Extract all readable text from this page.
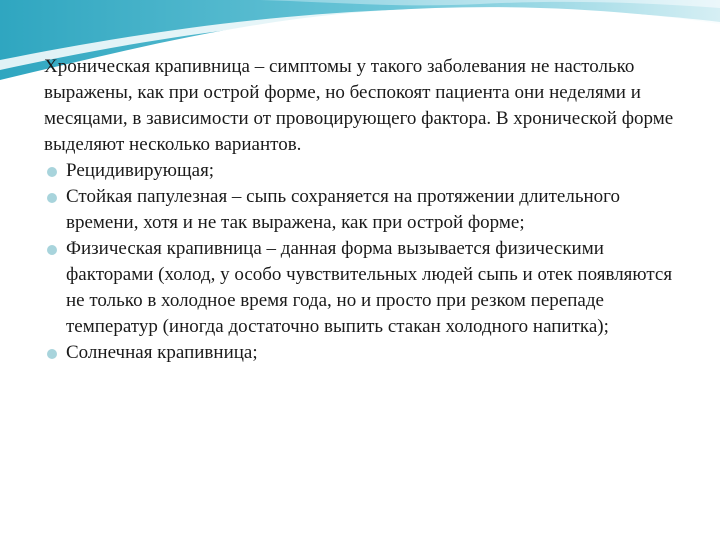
Хроническая крапивница – симптомы у такого заболевания не настолько выражены, как при острой форме, но беспокоят пациента они неделями и месяцами, в зависимости от провоцирующего фактора. В хронической форме выделяют несколько вариантов.

Рецидивирующая;
Стойкая папулезная – сыпь сохраняется на протяжении длительного времени, хотя и не так выражена, как при острой форме;
Физическая крапивница – данная форма вызывается физическими факторами (холод, у особо чувствительных людей сыпь и отек появляются не только в холодное время года, но и просто при резком перепаде температур (иногда достаточно выпить стакан холодного напитка);
Солнечная крапивница;
